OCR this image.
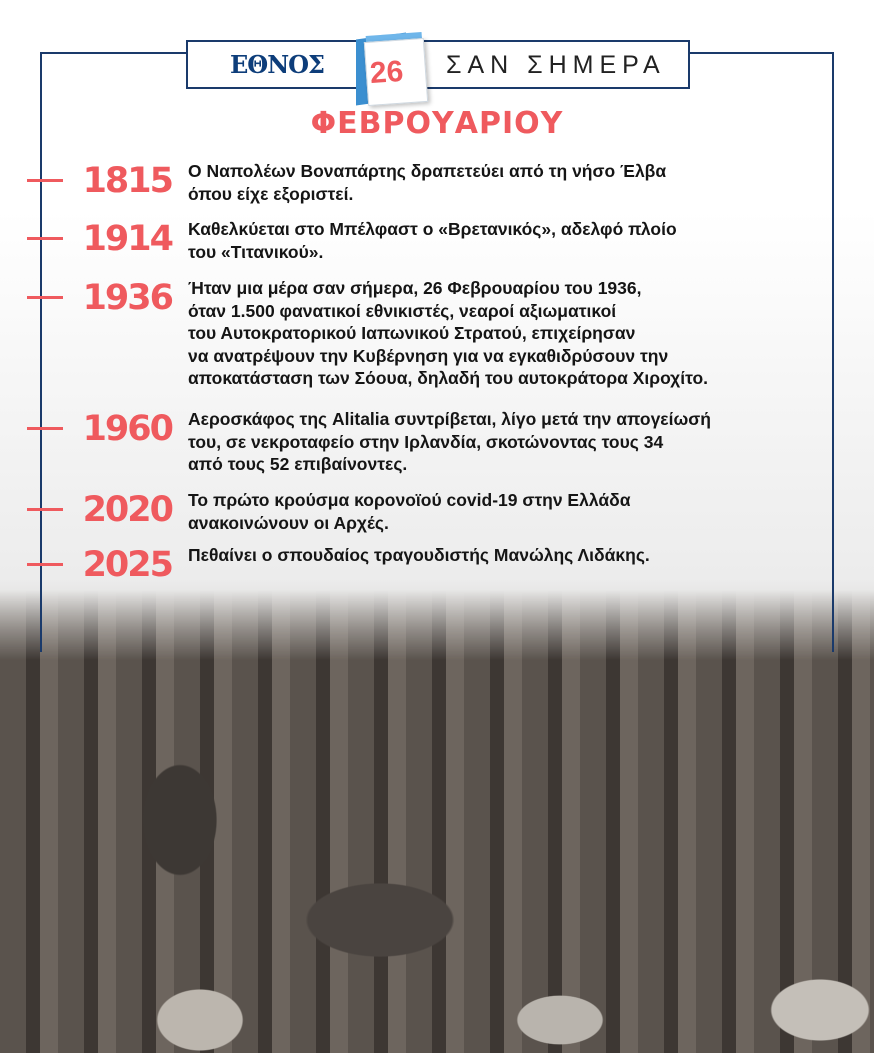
ΕΘΝΟΣ	ΣΑΝ ΣΗΜΕΡΑ
26
ΦΕΒΡΟΥΑΡΙΟΥ
1815 Ο Ναπολέων Βοναπάρτης δραπετεύει από τη νήσο Έλβα
όπου είχε εξοριστεί.
1914 Καθελκύεται στο Μπέλφαστ ο «Βρετανικός», αδελφό πλοίο
του «Τιτανικού».
1936 Ήταν μια μέρα σαν σήμερα, 26 Φεβρουαρίου του 1936,
όταν 1.500 φανατικοί εθνικιστές, νεαροί αξιωματικοί
του Αυτοκρατορικού Ιαπωνικού Στρατού, επιχείρησαν
να ανατρέψουν την Κυβέρνηση για να εγκαθιδρύσουν την
αποκατάσταση των Σόουα, δηλαδή του αυτοκράτορα Χιροχίτο.
1960 Αεροσκάφος της Alitalia συντρίβεται, λίγο μετά την απογείωσή
του, σε νεκροταφείο στην Ιρλανδία, σκοτώνοντας τους 34
από τους 52 επιβαίνοντες.
2020 Το πρώτο κρούσμα κορονοϊού covid-19 στην Ελλάδα
ανακοινώνουν οι Αρχές.
2025 Πεθαίνει ο σπουδαίος τραγουδιστής Μανώλης Λιδάκης.
